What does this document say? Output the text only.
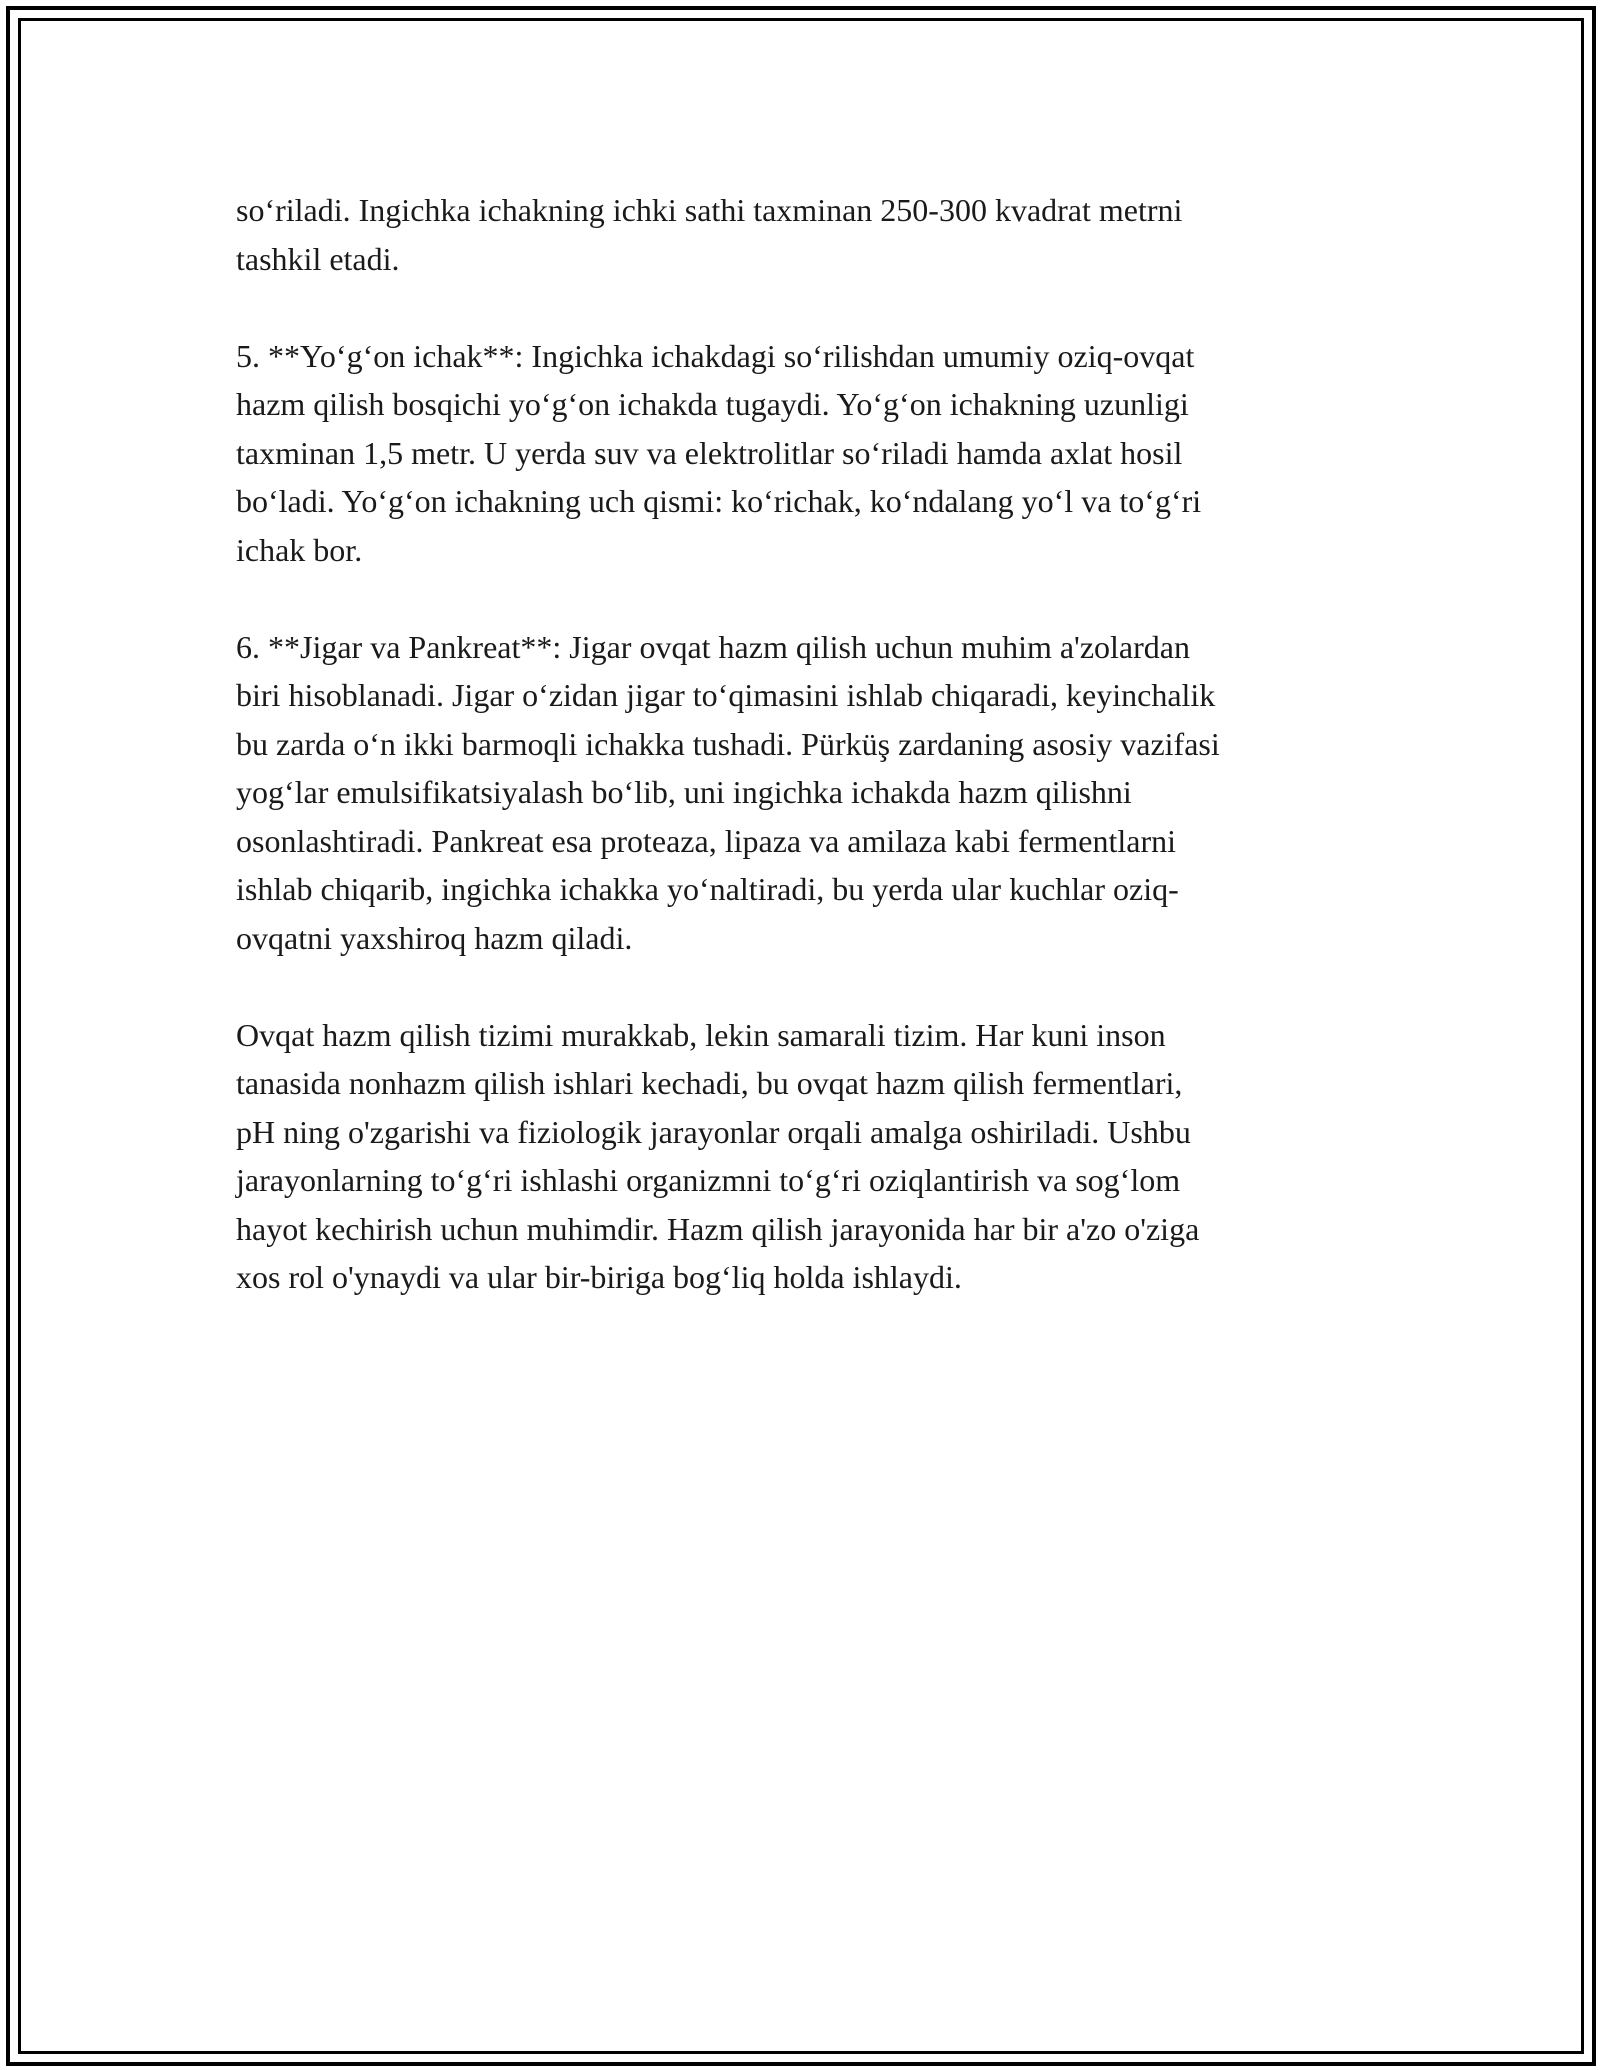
so‘riladi. Ingichka ichakning ichki sathi taxminan 250-300 kvadrat metrni
tashkil etadi.

5. **Yo‘g‘on ichak**: Ingichka ichakdagi so‘rilishdan umumiy oziq-ovqat
hazm qilish bosqichi yo‘g‘on ichakda tugaydi. Yo‘g‘on ichakning uzunligi
taxminan 1,5 metr. U yerda suv va elektrolitlar so‘riladi hamda axlat hosil
bo‘ladi. Yo‘g‘on ichakning uch qismi: ko‘richak, ko‘ndalang yo‘l va to‘g‘ri
ichak bor.

6. **Jigar va Pankreat**: Jigar ovqat hazm qilish uchun muhim a'zolardan
biri hisoblanadi. Jigar o‘zidan jigar to‘qimasini ishlab chiqaradi, keyinchalik
bu zarda o‘n ikki barmoqli ichakka tushadi. Pürküş zardaning asosiy vazifasi
yog‘lar emulsifikatsiyalash bo‘lib, uni ingichka ichakda hazm qilishni
osonlashtiradi. Pankreat esa proteaza, lipaza va amilaza kabi fermentlarni
ishlab chiqarib, ingichka ichakka yo‘naltiradi, bu yerda ular kuchlar oziq-
ovqatni yaxshiroq hazm qiladi.

Ovqat hazm qilish tizimi murakkab, lekin samarali tizim. Har kuni inson
tanasida nonhazm qilish ishlari kechadi, bu ovqat hazm qilish fermentlari,
pH ning o'zgarishi va fiziologik jarayonlar orqali amalga oshiriladi. Ushbu
jarayonlarning to‘g‘ri ishlashi organizmni to‘g‘ri oziqlantirish va sog‘lom
hayot kechirish uchun muhimdir. Hazm qilish jarayonida har bir a'zo o'ziga
xos rol o'ynaydi va ular bir-biriga bog‘liq holda ishlaydi.
